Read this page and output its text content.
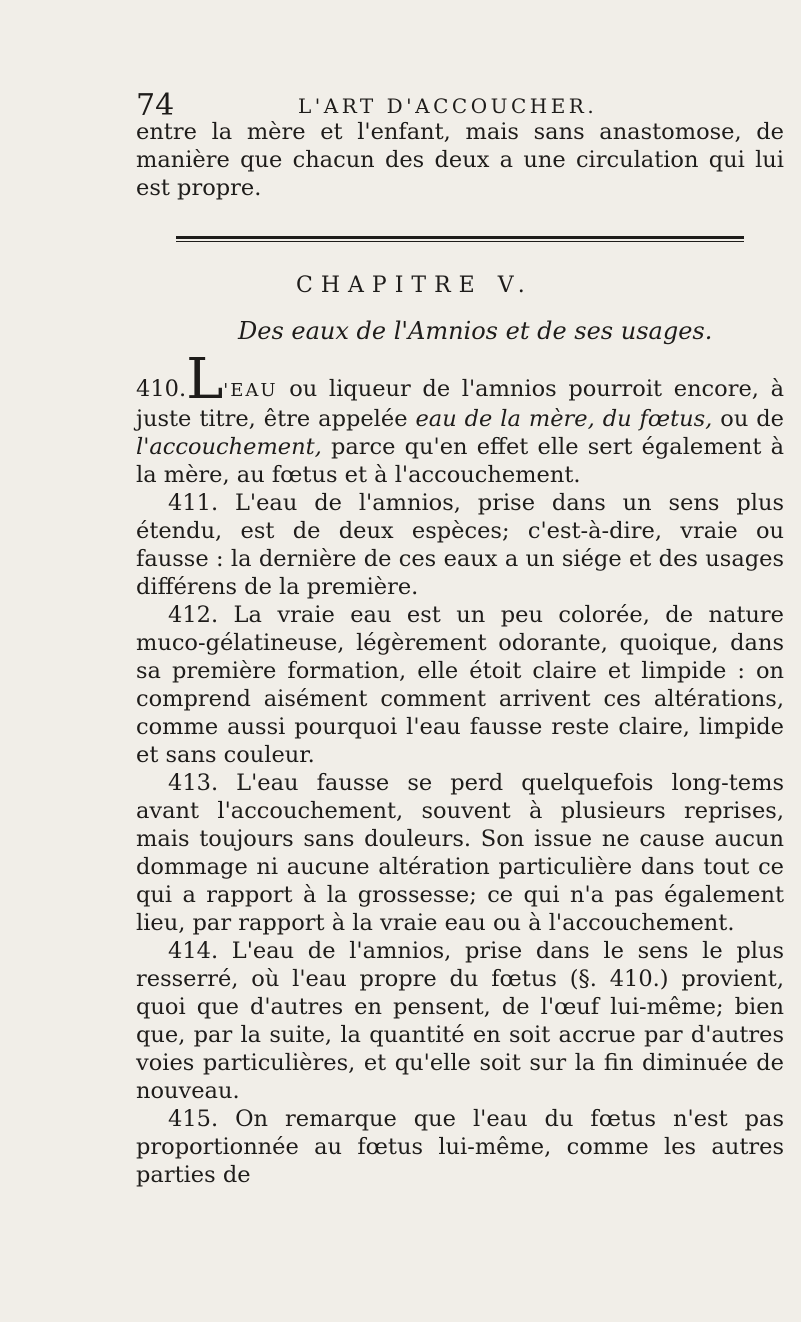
74	L'ART D'ACCOUCHER.

entre la mère et l'enfant, mais sans anastomose, de manière que chacun des deux a une circulation qui lui est propre.

CHAPITRE V.
Des eaux de l'Amnios et de ses usages.

410.L'EAU ou liqueur de l'amnios pourroit encore, à juste titre, être appelée eau de la mère, du fœtus, ou de l'accouchement, parce qu'en effet elle sert également à la mère, au fœtus et à l'accouchement.

411. L'eau de l'amnios, prise dans un sens plus étendu, est de deux espèces; c'est-à-dire, vraie ou fausse : la dernière de ces eaux a un siége et des usages différens de la première.

412. La vraie eau est un peu colorée, de nature muco-gélatineuse, légèrement odorante, quoique, dans sa première formation, elle étoit claire et limpide : on comprend aisément comment arrivent ces altérations, comme aussi pourquoi l'eau fausse reste claire, limpide et sans couleur.

413. L'eau fausse se perd quelquefois long-tems avant l'accouchement, souvent à plusieurs reprises, mais toujours sans douleurs. Son issue ne cause aucun dommage ni aucune altération particulière dans tout ce qui a rapport à la grossesse; ce qui n'a pas également lieu, par rapport à la vraie eau ou à l'accouchement.

414. L'eau de l'amnios, prise dans le sens le plus resserré, où l'eau propre du fœtus (§. 410.) provient, quoi que d'autres en pensent, de l'œuf lui-même; bien que, par la suite, la quantité en soit accrue par d'autres voies particulières, et qu'elle soit sur la fin diminuée de nouveau.

415. On remarque que l'eau du fœtus n'est pas proportionnée au fœtus lui-même, comme les autres parties de
